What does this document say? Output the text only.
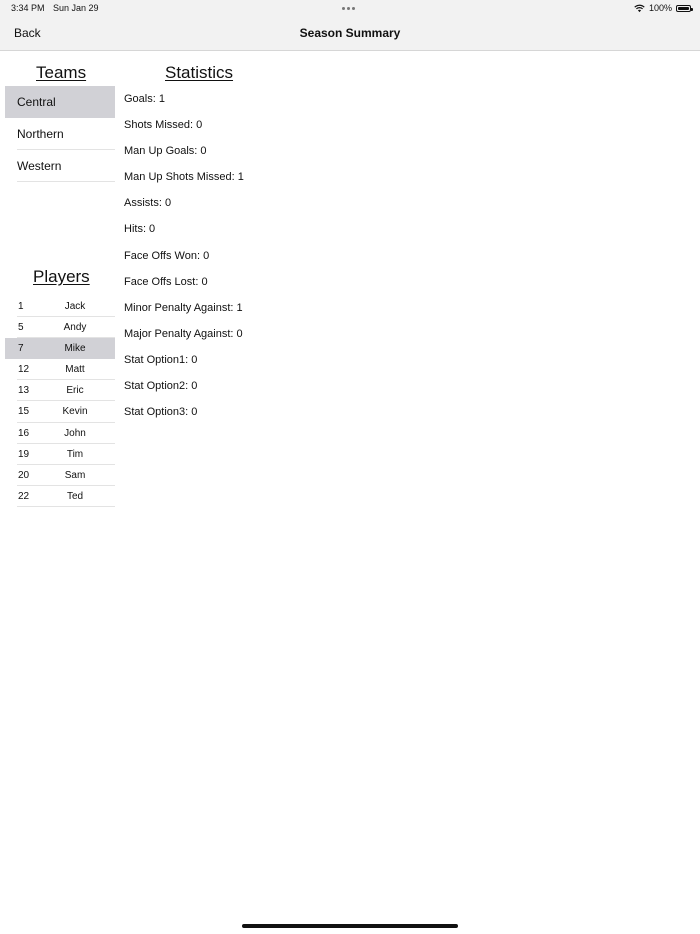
3:34 PM Sun Jan 29	100%
Back	Season Summary
Teams
Central
Northern
Western
Players
1	Jack
5	Andy
7	Mike
12	Matt
13	Eric
15	Kevin
16	John
19	Tim
20	Sam
22	Ted
Statistics
Goals: 1
Shots Missed: 0
Man Up Goals: 0
Man Up Shots Missed: 1
Assists: 0
Hits: 0
Face Offs Won: 0
Face Offs Lost: 0
Minor Penalty Against: 1
Major Penalty Against: 0
Stat Option1: 0
Stat Option2: 0
Stat Option3: 0
